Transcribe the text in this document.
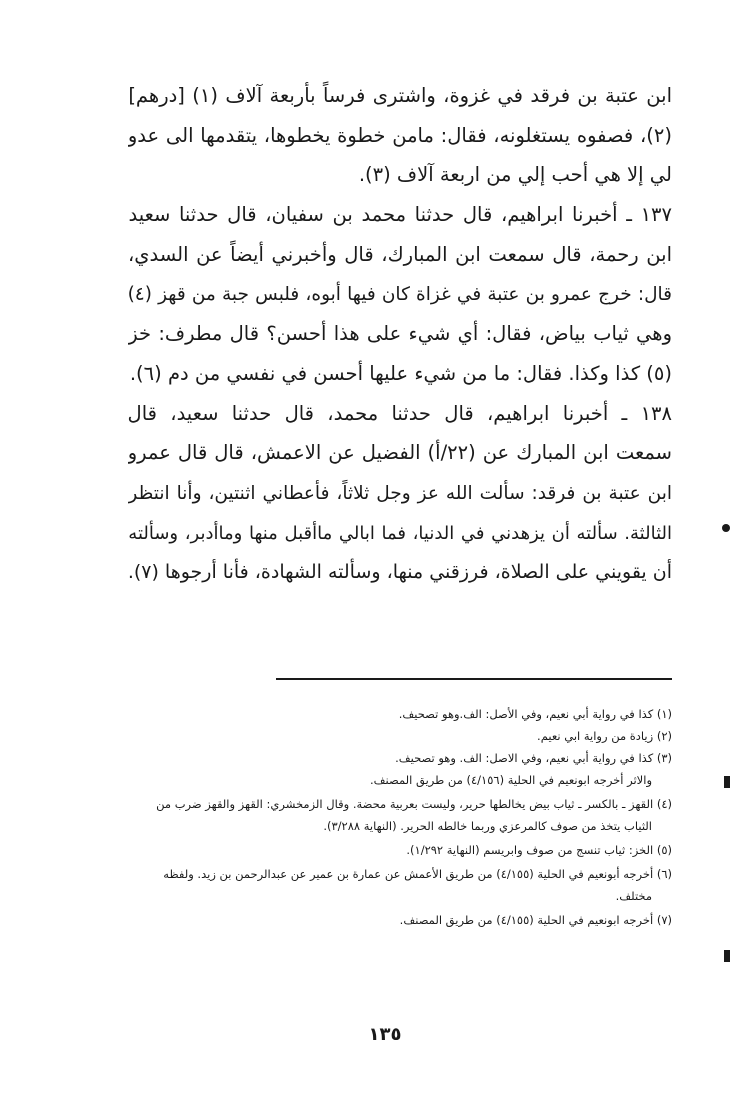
ابن عتبة بن فرقد في غزوة، واشترى فرساً بأربعة آلاف (١) [درهم]
(٢)، فصفوه يستغلونه، فقال: مامن خطوة يخطوها، يتقدمها الى عدو
لي إلا هي أحب إلي من اربعة آلاف (٣).
١٣٧ ـ أخبرنا ابراهيم، قال حدثنا محمد بن سفيان، قال حدثنا سعيد
ابن رحمة، قال سمعت ابن المبارك، قال وأخبرني أيضاً عن السدي،
قال: خرج عمرو بن عتبة في غزاة كان فيها أبوه، فلبس جبة من قهز (٤)
وهي ثياب بياض، فقال: أي شيء على هذا أحسن؟ قال مطرف: خز
(٥) كذا وكذا. فقال: ما من شيء عليها أحسن في نفسي من دم (٦).
١٣٨ ـ أخبرنا ابراهيم، قال حدثنا محمد، قال حدثنا سعيد، قال
سمعت ابن المبارك عن (٢٢/أ) الفضيل عن الاعمش، قال قال عمرو
ابن عتبة بن فرقد: سألت الله عز وجل ثلاثاً، فأعطاني اثنتين، وأنا انتظر
الثالثة. سألته أن يزهدني في الدنيا، فما ابالي ماأقبل منها وماأدبر، وسألته
أن يقويني على الصلاة، فرزقني منها، وسألته الشهادة، فأنا أرجوها (٧).
(١) كذا في رواية أبي نعيم، وفي الأصل: الف.وهو تصحيف.
(٢) زيادة من رواية ابي نعيم.
(٣) كذا في رواية أبي نعيم، وفي الاصل: الف. وهو تصحيف.
والاثر أخرجه ابونعيم في الحلية (٤/١٥٦) من طريق المصنف.
(٤) القهز ـ بالكسر ـ ثياب بيض يخالطها حرير، وليست بعربية محضة. وقال الزمخشري: القهز والقهز ضرب من
الثياب يتخذ من صوف كالمرعزي وربما خالطه الحرير. (النهاية ٣/٢٨٨).
(٥) الخز: ثياب تنسج من صوف وابريسم (النهاية ١/٢٩٢).
(٦) أخرجه أبونعيم في الحلية (٤/١٥٥) من طريق الأعمش عن عمارة بن عمير عن عبدالرحمن بن زيد. ولفظه
مختلف.
(٧) أخرجه ابونعيم في الحلية (٤/١٥٥) من طريق المصنف.
١٣٥
